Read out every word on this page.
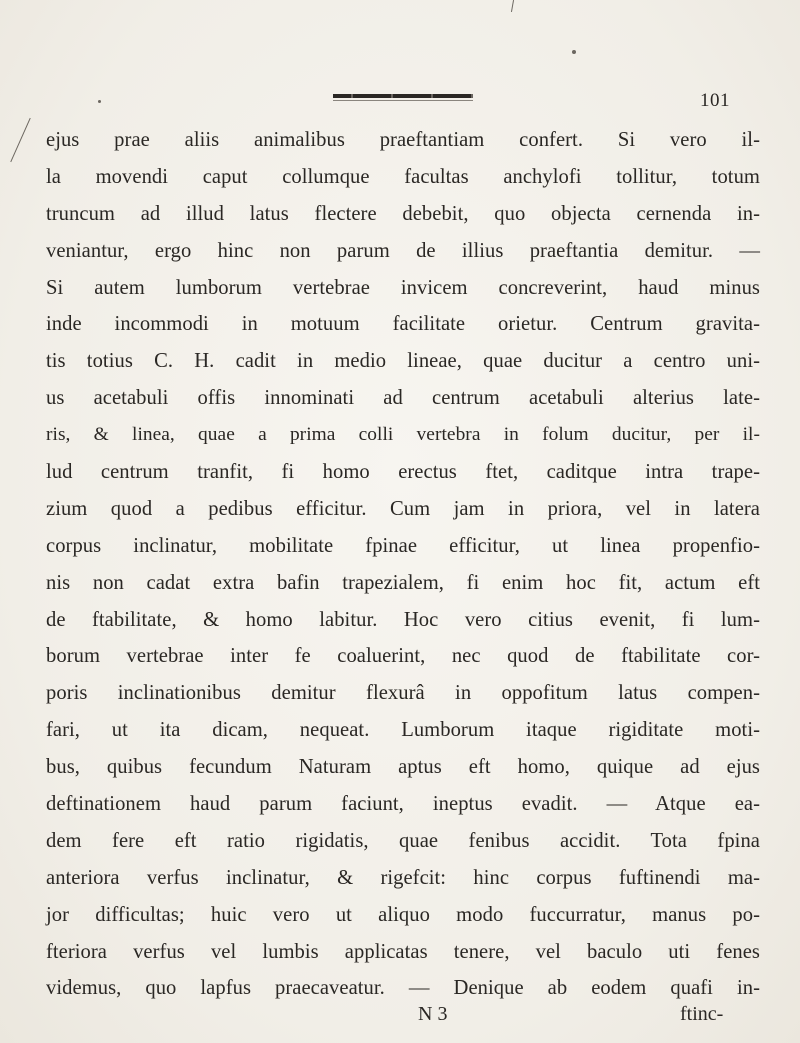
101
ejus prae aliis animalibus praeftantiam confert. Si vero il-
la movendi caput collumque facultas anchylofi tollitur, totum
truncum ad illud latus flectere debebit, quo objecta cernenda in-
veniantur, ergo hinc non parum de illius praeftantia demitur. —
Si autem lumborum vertebrae invicem concreverint, haud minus
inde incommodi in motuum facilitate orietur. Centrum gravita-
tis totius C. H. cadit in medio lineae, quae ducitur a centro uni-
us acetabuli offis innominati ad centrum acetabuli alterius late-
ris, & linea, quae a prima colli vertebra in folum ducitur, per il-
lud centrum tranfit, fi homo erectus ftet, caditque intra trape-
zium quod a pedibus efficitur. Cum jam in priora, vel in latera
corpus inclinatur, mobilitate fpinae efficitur, ut linea propenfio-
nis non cadat extra bafin trapezialem, fi enim hoc fit, actum eft
de ftabilitate, & homo labitur. Hoc vero citius evenit, fi lum-
borum vertebrae inter fe coaluerint, nec quod de ftabilitate cor-
poris inclinationibus demitur flexurâ in oppofitum latus compen-
fari, ut ita dicam, nequeat. Lumborum itaque rigiditate moti-
bus, quibus fecundum Naturam aptus eft homo, quique ad ejus
deftinationem haud parum faciunt, ineptus evadit. — Atque ea-
dem fere eft ratio rigidatis, quae fenibus accidit. Tota fpina
anteriora verfus inclinatur, & rigefcit: hinc corpus fuftinendi ma-
jor difficultas; huic vero ut aliquo modo fuccurratur, manus po-
fteriora verfus vel lumbis applicatas tenere, vel baculo uti fenes
videmus, quo lapfus praecaveatur. — Denique ab eodem quafi in-
N 3	ftinc-
